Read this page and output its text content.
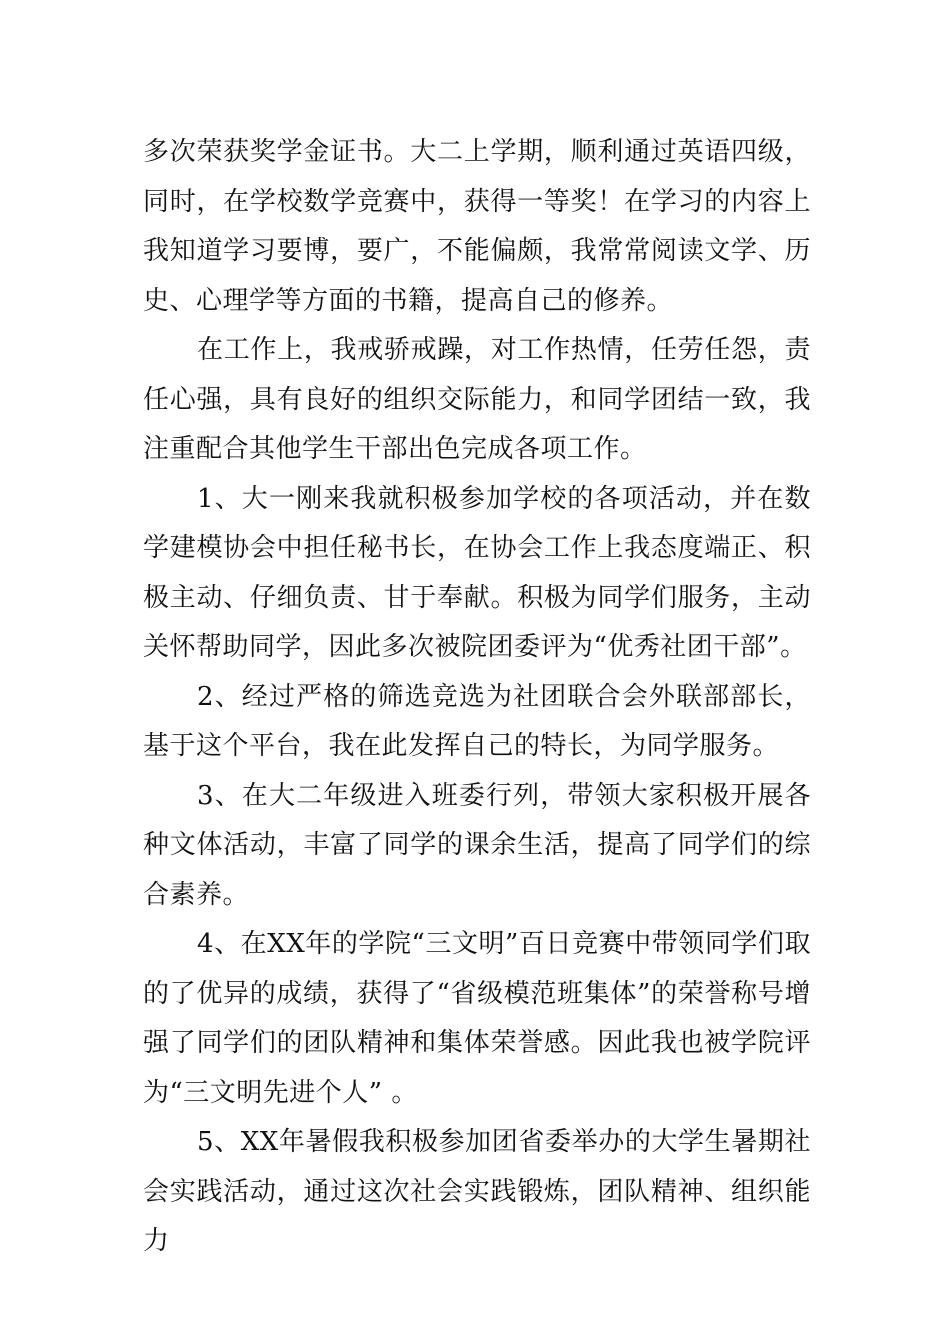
多次荣获奖学金证书。大二上学期，顺利通过英语四级，同时，在学校数学竞赛中，获得一等奖！在学习的内容上我知道学习要博，要广，不能偏颇，我常常阅读文学、历史、心理学等方面的书籍，提高自己的修养。

在工作上，我戒骄戒躁，对工作热情，任劳任怨，责任心强，具有良好的组织交际能力，和同学团结一致，我注重配合其他学生干部出色完成各项工作。

1、大一刚来我就积极参加学校的各项活动，并在数学建模协会中担任秘书长，在协会工作上我态度端正、积极主动、仔细负责、甘于奉献。积极为同学们服务，主动关怀帮助同学，因此多次被院团委评为“优秀社团干部”。

2、经过严格的筛选竞选为社团联合会外联部部长，基于这个平台，我在此发挥自己的特长，为同学服务。

3、在大二年级进入班委行列，带领大家积极开展各种文体活动，丰富了同学的课余生活，提高了同学们的综合素养。

4、在XX年的学院“三文明”百日竞赛中带领同学们取的了优异的成绩，获得了“省级模范班集体”的荣誉称号增强了同学们的团队精神和集体荣誉感。因此我也被学院评为“三文明先进个人” 。

5、XX年暑假我积极参加团省委举办的大学生暑期社会实践活动，通过这次社会实践锻炼，团队精神、组织能力
